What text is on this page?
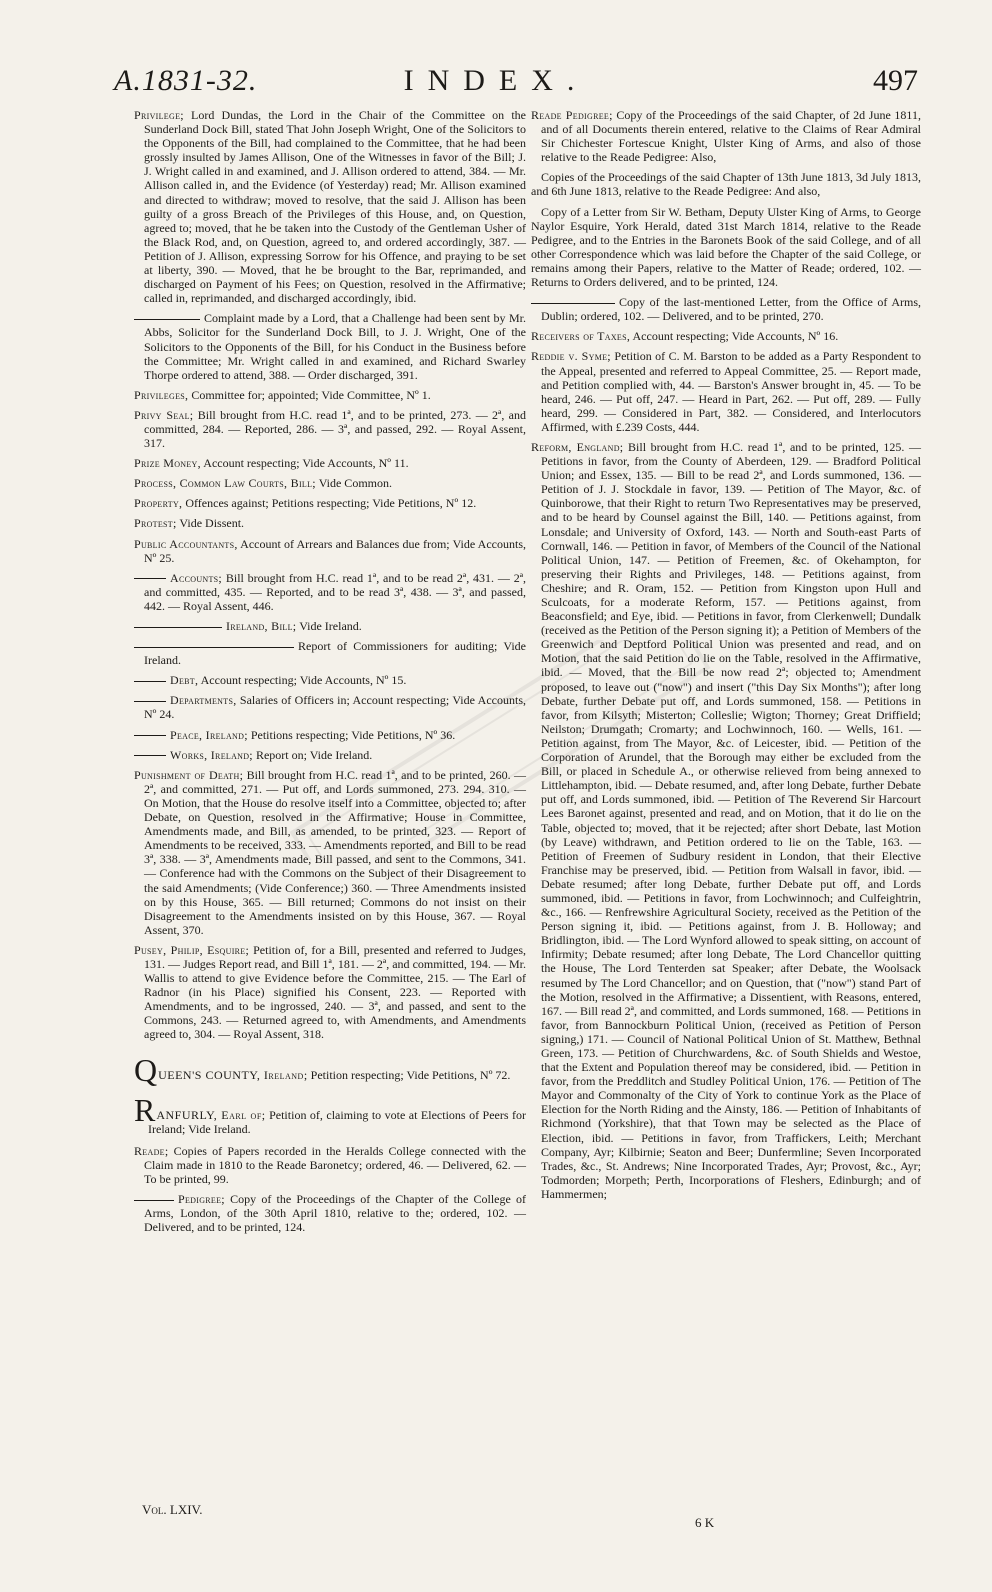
A.1831-32.	INDEX.	497

Privilege; Lord Dundas, the Lord in the Chair of the Committee on the Sunderland Dock Bill, stated That John Joseph Wright, One of the Solicitors to the Opponents of the Bill, had complained to the Committee, that he had been grossly insulted by James Allison, One of the Witnesses in favor of the Bill; J. J. Wright called in and examined, and J. Allison ordered to attend, 384. — Mr. Allison called in, and the Evidence (of Yesterday) read; Mr. Allison examined and directed to withdraw; moved to resolve, that the said J. Allison has been guilty of a gross Breach of the Privileges of this House, and, on Question, agreed to; moved, that he be taken into the Custody of the Gentleman Usher of the Black Rod, and, on Question, agreed to, and ordered accordingly, 387. — Petition of J. Allison, expressing Sorrow for his Offence, and praying to be set at liberty, 390. — Moved, that he be brought to the Bar, reprimanded, and discharged on Payment of his Fees; on Question, resolved in the Affirmative; called in, reprimanded, and discharged accordingly, ibid.

Complaint made by a Lord, that a Challenge had been sent by Mr. Abbs, Solicitor for the Sunderland Dock Bill, to J. J. Wright, One of the Solicitors to the Opponents of the Bill, for his Conduct in the Business before the Committee; Mr. Wright called in and examined, and Richard Swarley Thorpe ordered to attend, 388. — Order discharged, 391.

Privileges, Committee for; appointed; Vide Committee, Nº 1.

Privy Seal; Bill brought from H.C. read 1ª, and to be printed, 273. — 2ª, and committed, 284. — Reported, 286. — 3ª, and passed, 292. — Royal Assent, 317.

Prize Money, Account respecting; Vide Accounts, Nº 11.

Process, Common Law Courts, Bill; Vide Common.

Property, Offences against; Petitions respecting; Vide Petitions, Nº 12.

Protest; Vide Dissent.

Public Accountants, Account of Arrears and Balances due from; Vide Accounts, Nº 25.

Accounts; Bill brought from H.C. read 1ª, and to be read 2ª, 431. — 2ª, and committed, 435. — Reported, and to be read 3ª, 438. — 3ª, and passed, 442. — Royal Assent, 446.

Ireland, Bill; Vide Ireland.

Report of Commissioners for auditing; Vide Ireland.

Debt, Account respecting; Vide Accounts, Nº 15.

Departments, Salaries of Officers in; Account respecting; Vide Accounts, Nº 24.

Peace, Ireland; Petitions respecting; Vide Petitions, Nº 36.

Works, Ireland; Report on; Vide Ireland.

Punishment of Death; Bill brought from H.C. read 1ª, and to be printed, 260. — 2ª, and committed, 271. — Put off, and Lords summoned, 273. 294. 310. — On Motion, that the House do resolve itself into a Committee, objected to; after Debate, on Question, resolved in the Affirmative; House in Committee, Amendments made, and Bill, as amended, to be printed, 323. — Report of Amendments to be received, 333. — Amendments reported, and Bill to be read 3ª, 338. — 3ª, Amendments made, Bill passed, and sent to the Commons, 341. — Conference had with the Commons on the Subject of their Disagreement to the said Amendments; (Vide Conference;) 360. — Three Amendments insisted on by this House, 365. — Bill returned; Commons do not insist on their Disagreement to the Amendments insisted on by this House, 367. — Royal Assent, 370.

Pusey, Philip, Esquire; Petition of, for a Bill, presented and referred to Judges, 131. — Judges Report read, and Bill 1ª, 181. — 2ª, and committed, 194. — Mr. Wallis to attend to give Evidence before the Committee, 215. — The Earl of Radnor (in his Place) signified his Consent, 223. — Reported with Amendments, and to be ingrossed, 240. — 3ª, and passed, and sent to the Commons, 243. — Returned agreed to, with Amendments, and Amendments agreed to, 304. — Royal Assent, 318.

QUEEN'S COUNTY, Ireland; Petition respecting; Vide Petitions, Nº 72.

RANFURLY, Earl of; Petition of, claiming to vote at Elections of Peers for Ireland; Vide Ireland.

Reade; Copies of Papers recorded in the Heralds College connected with the Claim made in 1810 to the Reade Baronetcy; ordered, 46. — Delivered, 62. — To be printed, 99.

Pedigree; Copy of the Proceedings of the Chapter of the College of Arms, London, of the 30th April 1810, relative to the; ordered, 102. — Delivered, and to be printed, 124.

Reade Pedigree; Copy of the Proceedings of the said Chapter, of 2d June 1811, and of all Documents therein entered, relative to the Claims of Rear Admiral Sir Chichester Fortescue Knight, Ulster King of Arms, and also of those relative to the Reade Pedigree: Also,

Copies of the Proceedings of the said Chapter of 13th June 1813, 3d July 1813, and 6th June 1813, relative to the Reade Pedigree: And also,

Copy of a Letter from Sir W. Betham, Deputy Ulster King of Arms, to George Naylor Esquire, York Herald, dated 31st March 1814, relative to the Reade Pedigree, and to the Entries in the Baronets Book of the said College, and of all other Correspondence which was laid before the Chapter of the said College, or remains among their Papers, relative to the Matter of Reade; ordered, 102. — Returns to Orders delivered, and to be printed, 124.

Copy of the last-mentioned Letter, from the Office of Arms, Dublin; ordered, 102. — Delivered, and to be printed, 270.

Receivers of Taxes, Account respecting; Vide Accounts, Nº 16.

Reddie v. Syme; Petition of C. M. Barston to be added as a Party Respondent to the Appeal, presented and referred to Appeal Committee, 25. — Report made, and Petition complied with, 44. — Barston's Answer brought in, 45. — To be heard, 246. — Put off, 247. — Heard in Part, 262. — Put off, 289. — Fully heard, 299. — Considered in Part, 382. — Considered, and Interlocutors Affirmed, with £.239 Costs, 444.

Reform, England; Bill brought from H.C. read 1ª, and to be printed, 125. — Petitions in favor, from the County of Aberdeen, 129. — Bradford Political Union; and Essex, 135. — Bill to be read 2ª, and Lords summoned, 136. — Petition of J. J. Stockdale in favor, 139. — Petition of The Mayor, &c. of Quinborowe, that their Right to return Two Representatives may be preserved, and to be heard by Counsel against the Bill, 140. — Petitions against, from Lonsdale; and University of Oxford, 143. — North and South-east Parts of Cornwall, 146. — Petition in favor, of Members of the Council of the National Political Union, 147. — Petition of Freemen, &c. of Okehampton, for preserving their Rights and Privileges, 148. — Petitions against, from Cheshire; and R. Oram, 152. — Petition from Kingston upon Hull and Sculcoats, for a moderate Reform, 157. — Petitions against, from Beaconsfield; and Eye, ibid. — Petitions in favor, from Clerkenwell; Dundalk (received as the Petition of the Person signing it); a Petition of Members of the Greenwich and Deptford Political Union was presented and read, and on Motion, that the said Petition do lie on the Table, resolved in the Affirmative, ibid. — Moved, that the Bill be now read 2ª; objected to; Amendment proposed, to leave out ("now") and insert ("this Day Six Months"); after long Debate, further Debate put off, and Lords summoned, 158. — Petitions in favor, from Kilsyth; Misterton; Colleslie; Wigton; Thorney; Great Driffield; Neilston; Drumgath; Cromarty; and Lochwinnoch, 160. — Wells, 161. — Petition against, from The Mayor, &c. of Leicester, ibid. — Petition of the Corporation of Arundel, that the Borough may either be excluded from the Bill, or placed in Schedule A., or otherwise relieved from being annexed to Littlehampton, ibid. — Debate resumed, and, after long Debate, further Debate put off, and Lords summoned, ibid. — Petition of The Reverend Sir Harcourt Lees Baronet against, presented and read, and on Motion, that it do lie on the Table, objected to; moved, that it be rejected; after short Debate, last Motion (by Leave) withdrawn, and Petition ordered to lie on the Table, 163. — Petition of Freemen of Sudbury resident in London, that their Elective Franchise may be preserved, ibid. — Petition from Walsall in favor, ibid. — Debate resumed; after long Debate, further Debate put off, and Lords summoned, ibid. — Petitions in favor, from Lochwinnoch; and Culfeightrin, &c., 166. — Renfrewshire Agricultural Society, received as the Petition of the Person signing it, ibid. — Petitions against, from J. B. Holloway; and Bridlington, ibid. — The Lord Wynford allowed to speak sitting, on account of Infirmity; Debate resumed; after long Debate, The Lord Chancellor quitting the House, The Lord Tenterden sat Speaker; after Debate, the Woolsack resumed by The Lord Chancellor; and on Question, that ("now") stand Part of the Motion, resolved in the Affirmative; a Dissentient, with Reasons, entered, 167. — Bill read 2ª, and committed, and Lords summoned, 168. — Petitions in favor, from Bannockburn Political Union, (received as Petition of Person signing,) 171. — Council of National Political Union of St. Matthew, Bethnal Green, 173. — Petition of Churchwardens, &c. of South Shields and Westoe, that the Extent and Population thereof may be considered, ibid. — Petition in favor, from the Preddlitch and Studley Political Union, 176. — Petition of The Mayor and Commonalty of the City of York to continue York as the Place of Election for the North Riding and the Ainsty, 186. — Petition of Inhabitants of Richmond (Yorkshire), that that Town may be selected as the Place of Election, ibid. — Petitions in favor, from Traffickers, Leith; Merchant Company, Ayr; Kilbirnie; Seaton and Beer; Dunfermline; Seven Incorporated Trades, &c., St. Andrews; Nine Incorporated Trades, Ayr; Provost, &c., Ayr; Todmorden; Morpeth; Perth, Incorporations of Fleshers, Edinburgh; and of Hammermen;

Vol. LXIV.
6 K
